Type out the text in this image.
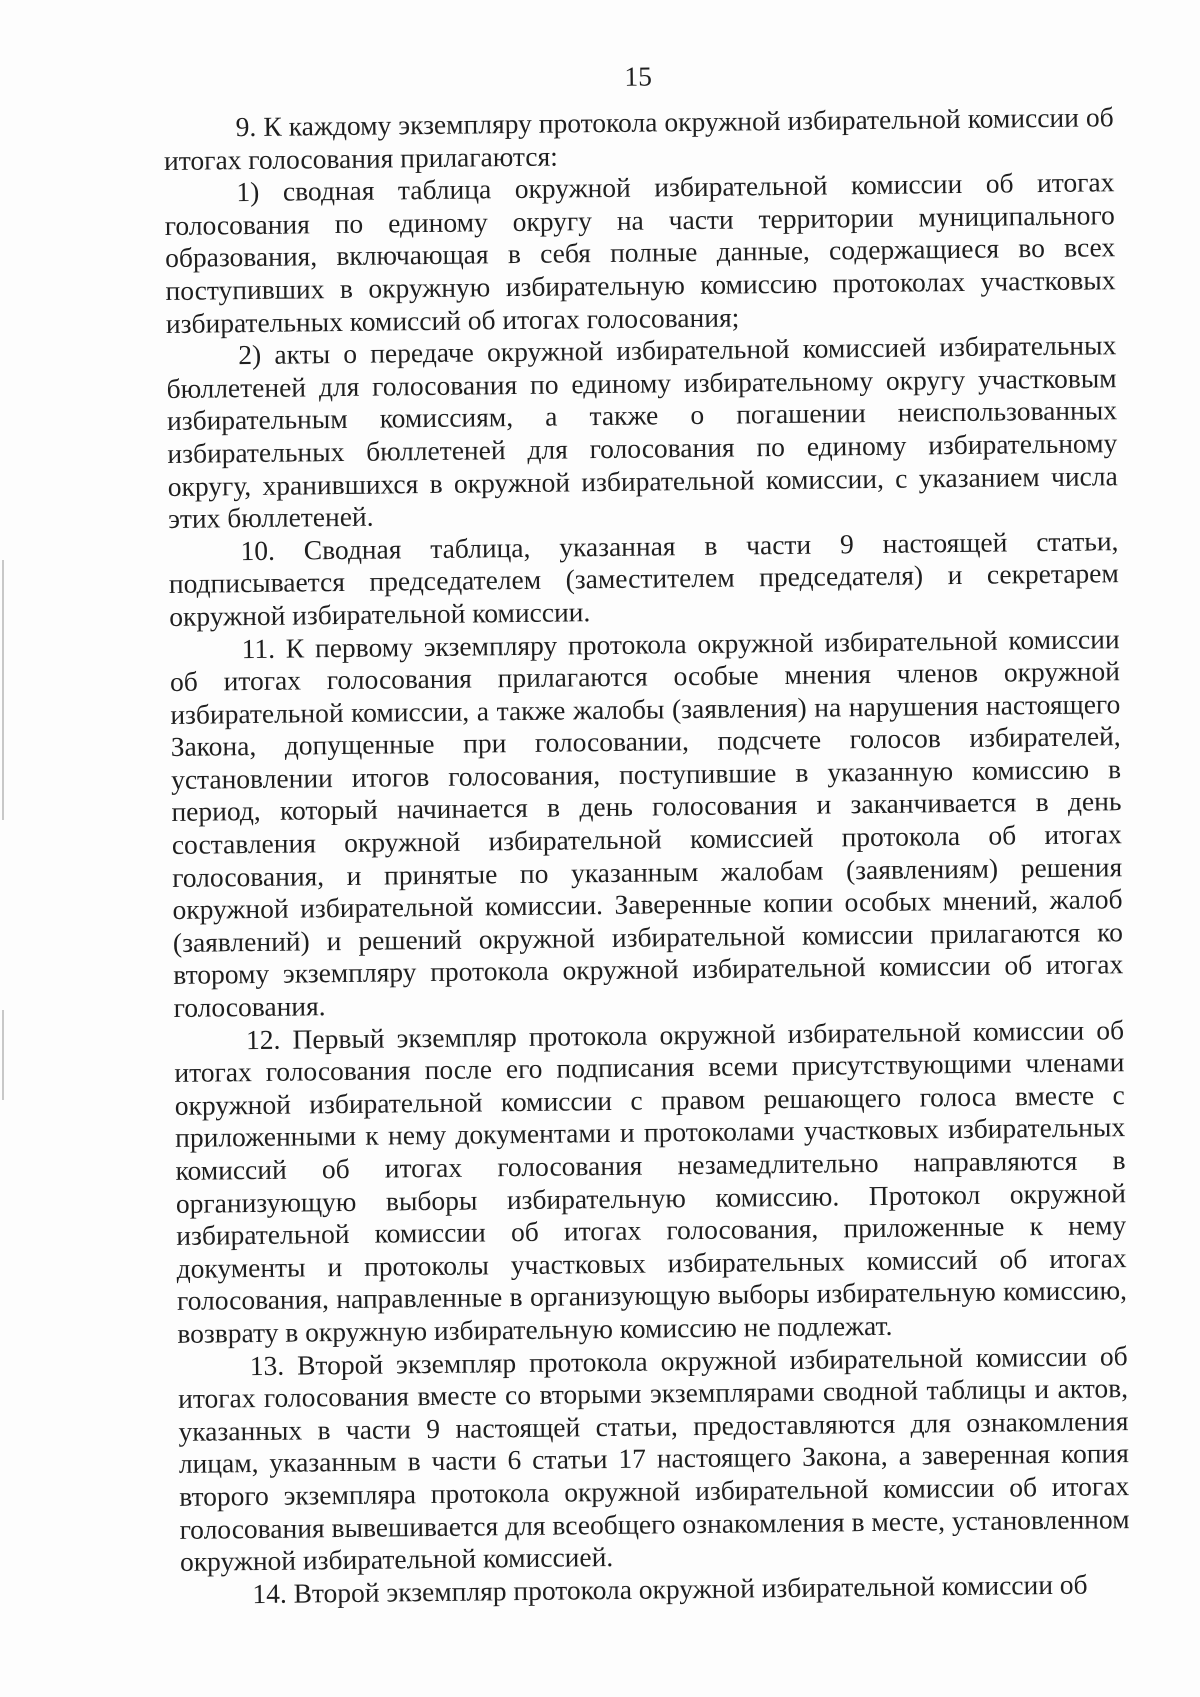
15

9. К каждому экземпляру протокола окружной избирательной комиссии об итогах голосования прилагаются:

1) сводная таблица окружной избирательной комиссии об итогах голосования по единому округу на части территории муниципального образования, включающая в себя полные данные, содержащиеся во всех поступивших в окружную избирательную комиссию протоколах участковых избирательных комиссий об итогах голосования;

2) акты о передаче окружной избирательной комиссией избирательных бюллетеней для голосования по единому избирательному округу участковым избирательным комиссиям, а также о погашении неиспользованных избирательных бюллетеней для голосования по единому избирательному округу, хранившихся в окружной избирательной комиссии, с указанием числа этих бюллетеней.

10. Сводная таблица, указанная в части 9 настоящей статьи, подписывается председателем (заместителем председателя) и секретарем окружной избирательной комиссии.

11. К первому экземпляру протокола окружной избирательной комиссии об итогах голосования прилагаются особые мнения членов окружной избирательной комиссии, а также жалобы (заявления) на нарушения настоящего Закона, допущенные при голосовании, подсчете голосов избирателей, установлении итогов голосования, поступившие в указанную комиссию в период, который начинается в день голосования и заканчивается в день составления окружной избирательной комиссией протокола об итогах голосования, и принятые по указанным жалобам (заявлениям) решения окружной избирательной комиссии. Заверенные копии особых мнений, жалоб (заявлений) и решений окружной избирательной комиссии прилагаются ко второму экземпляру протокола окружной избирательной комиссии об итогах голосования.

12. Первый экземпляр протокола окружной избирательной комиссии об итогах голосования после его подписания всеми присутствующими членами окружной избирательной комиссии с правом решающего голоса вместе с приложенными к нему документами и протоколами участковых избирательных комиссий об итогах голосования незамедлительно направляются в организующую выборы избирательную комиссию. Протокол окружной избирательной комиссии об итогах голосования, приложенные к нему документы и протоколы участковых избирательных комиссий об итогах голосования, направленные в организующую выборы избирательную комиссию, возврату в окружную избирательную комиссию не подлежат.

13. Второй экземпляр протокола окружной избирательной комиссии об итогах голосования вместе со вторыми экземплярами сводной таблицы и актов, указанных в части 9 настоящей статьи, предоставляются для ознакомления лицам, указанным в части 6 статьи 17 настоящего Закона, а заверенная копия второго экземпляра протокола окружной избирательной комиссии об итогах голосования вывешивается для всеобщего ознакомления в месте, установленном окружной избирательной комиссией.

14. Второй экземпляр протокола окружной избирательной комиссии об
